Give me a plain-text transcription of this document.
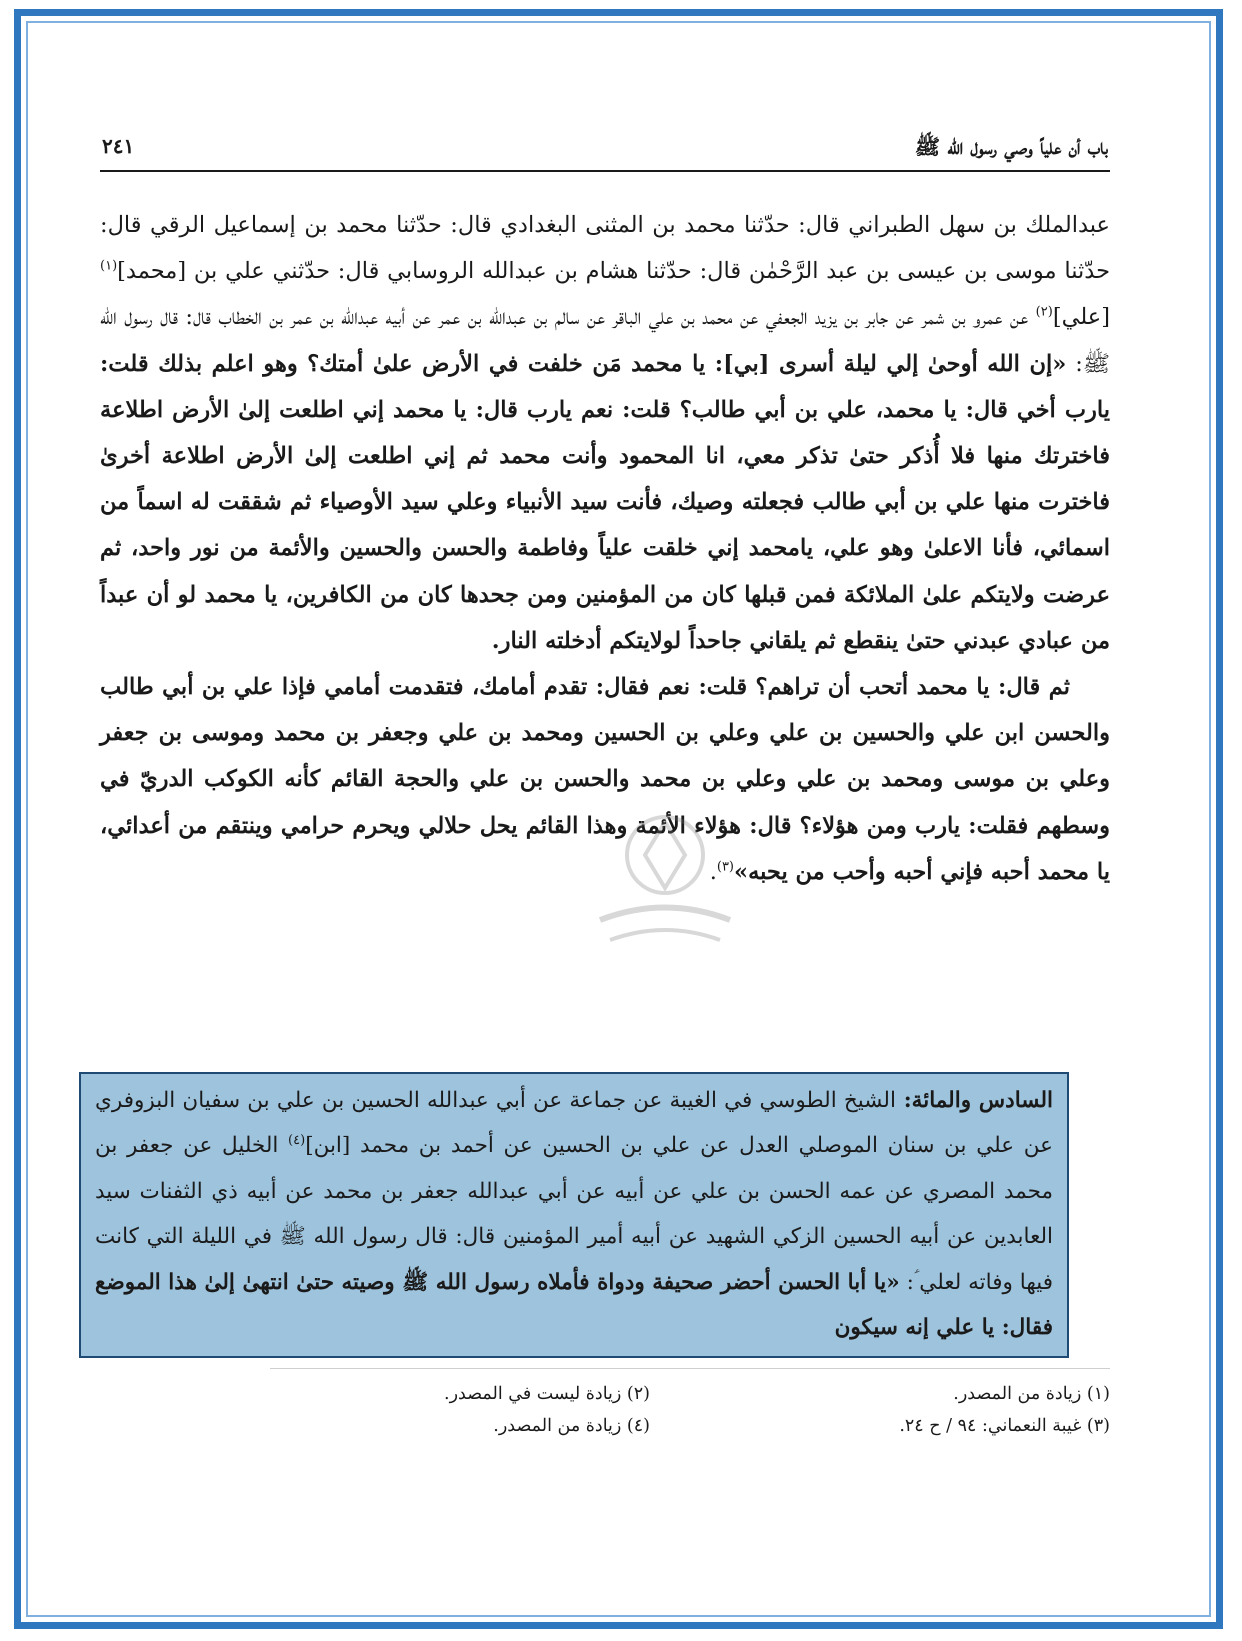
باب أن علياً وصي رسول الله ﷺ
٢٤١

عبدالملك بن سهل الطبراني قال: حدّثنا محمد بن المثنى البغدادي قال: حدّثنا محمد بن إسماعيل الرقي قال: حدّثنا موسى بن عيسى بن عبد الرَّحْمٰن قال: حدّثنا هشام بن عبدالله الروسابي قال: حدّثني علي بن [محمد]$^{(١)}$ [علي]$^{(٢)}$ عن عمرو بن شمر عن جابر بن يزيد الجعفي عن محمد بن علي الباقر عن سالم بن عبدالله بن عمر عن أبيه عبدالله بن عمر بن الخطاب قال: قال رسول الله ﷺ: «إن الله أوحىٰ إلي ليلة أسرى [بي]: يا محمد مَن خلفت في الأرض علىٰ أمتك؟ وهو اعلم بذلك قلت: يارب أخي قال: يا محمد، علي بن أبي طالب؟ قلت: نعم يارب قال: يا محمد إني اطلعت إلىٰ الأرض اطلاعة فاخترتك منها فلا أُذكر حتىٰ تذكر معي، انا المحمود وأنت محمد ثم إني اطلعت إلىٰ الأرض اطلاعة أخرىٰ فاخترت منها علي بن أبي طالب فجعلته وصيك، فأنت سيد الأنبياء وعلي سيد الأوصياء ثم شققت له اسماً من اسمائي، فأنا الاعلىٰ وهو علي، يامحمد إني خلقت علياً وفاطمة والحسن والحسين والأئمة من نور واحد، ثم عرضت ولايتكم علىٰ الملائكة فمن قبلها كان من المؤمنين ومن جحدها كان من الكافرين، يا محمد لو أن عبداً من عبادي عبدني حتىٰ ينقطع ثم يلقاني جاحداً لولايتكم أدخلته النار.

ثم قال: يا محمد أتحب أن تراهم؟ قلت: نعم فقال: تقدم أمامك، فتقدمت أمامي فإذا علي بن أبي طالب والحسن ابن علي والحسين بن علي وعلي بن الحسين ومحمد بن علي وجعفر بن محمد وموسى بن جعفر وعلي بن موسى ومحمد بن علي وعلي بن محمد والحسن بن علي والحجة القائم كأنه الكوكب الدريّ في وسطهم فقلت: يارب ومن هؤلاء؟ قال: هؤلاء الأئمة وهذا القائم يحل حلالي ويحرم حرامي وينتقم من أعدائي، يا محمد أحبه فإني أحبه وأحب من يحبه»$^{(٣)}$.

السادس والمائة: الشيخ الطوسي في الغيبة عن جماعة عن أبي عبدالله الحسين بن علي بن سفيان البزوفري عن علي بن سنان الموصلي العدل عن علي بن الحسين عن أحمد بن محمد [ابن]$^{(٤)}$ الخليل عن جعفر بن محمد المصري عن عمه الحسن بن علي عن أبيه عن أبي عبدالله جعفر بن محمد عن أبيه ذي الثفنات سيد العابدين عن أبيه الحسين الزكي الشهيد عن أبيه أمير المؤمنين قال: قال رسول الله ﷺ في الليلة التي كانت فيها وفاته لعلي ؑ: «يا أبا الحسن أحضر صحيفة ودواة فأملاه رسول الله ﷺ وصيته حتىٰ انتهىٰ إلىٰ هذا الموضع فقال: يا علي إنه سيكون

(١) زيادة من المصدر.
(٢) زيادة ليست في المصدر.
(٣) غيبة النعماني: ٩٤ / ح ٢٤.
(٤) زيادة من المصدر.
